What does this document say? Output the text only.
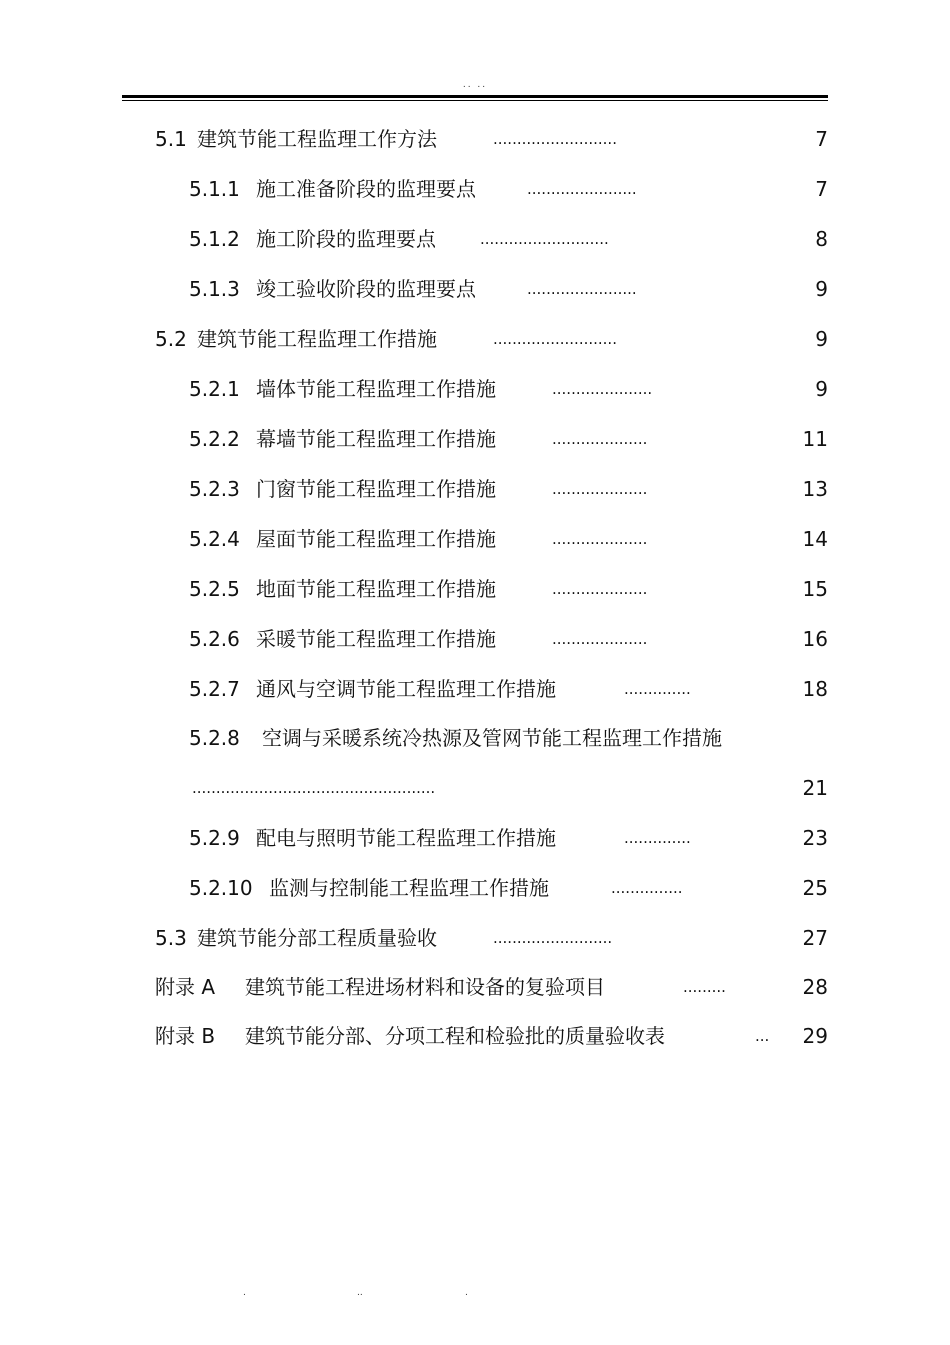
.. ..
5.1 建筑节能工程监理工作方法	..........................	7
5.1.1 施工准备阶段的监理要点	.......................	7
5.1.2 施工阶段的监理要点	...........................	8
5.1.3 竣工验收阶段的监理要点	.......................	9
5.2 建筑节能工程监理工作措施	..........................	9
5.2.1 墙体节能工程监理工作措施	.....................	9
5.2.2 幕墙节能工程监理工作措施	....................	11
5.2.3 门窗节能工程监理工作措施	....................	13
5.2.4 屋面节能工程监理工作措施	....................	14
5.2.5 地面节能工程监理工作措施	....................	15
5.2.6 采暖节能工程监理工作措施	....................	16
5.2.7 通风与空调节能工程监理工作措施	..............	18
5.2.8 空调与采暖系统冷热源及管网节能工程监理工作措施
...................................................	21
5.2.9 配电与照明节能工程监理工作措施	..............	23
5.2.10 监测与控制能工程监理工作措施	...............	25
5.3 建筑节能分部工程质量验收	.........................	27
附录 A 建筑节能工程进场材料和设备的复验项目	.........	28
附录 B 建筑节能分部、分项工程和检验批的质量验收表	...	29
.	..	.
